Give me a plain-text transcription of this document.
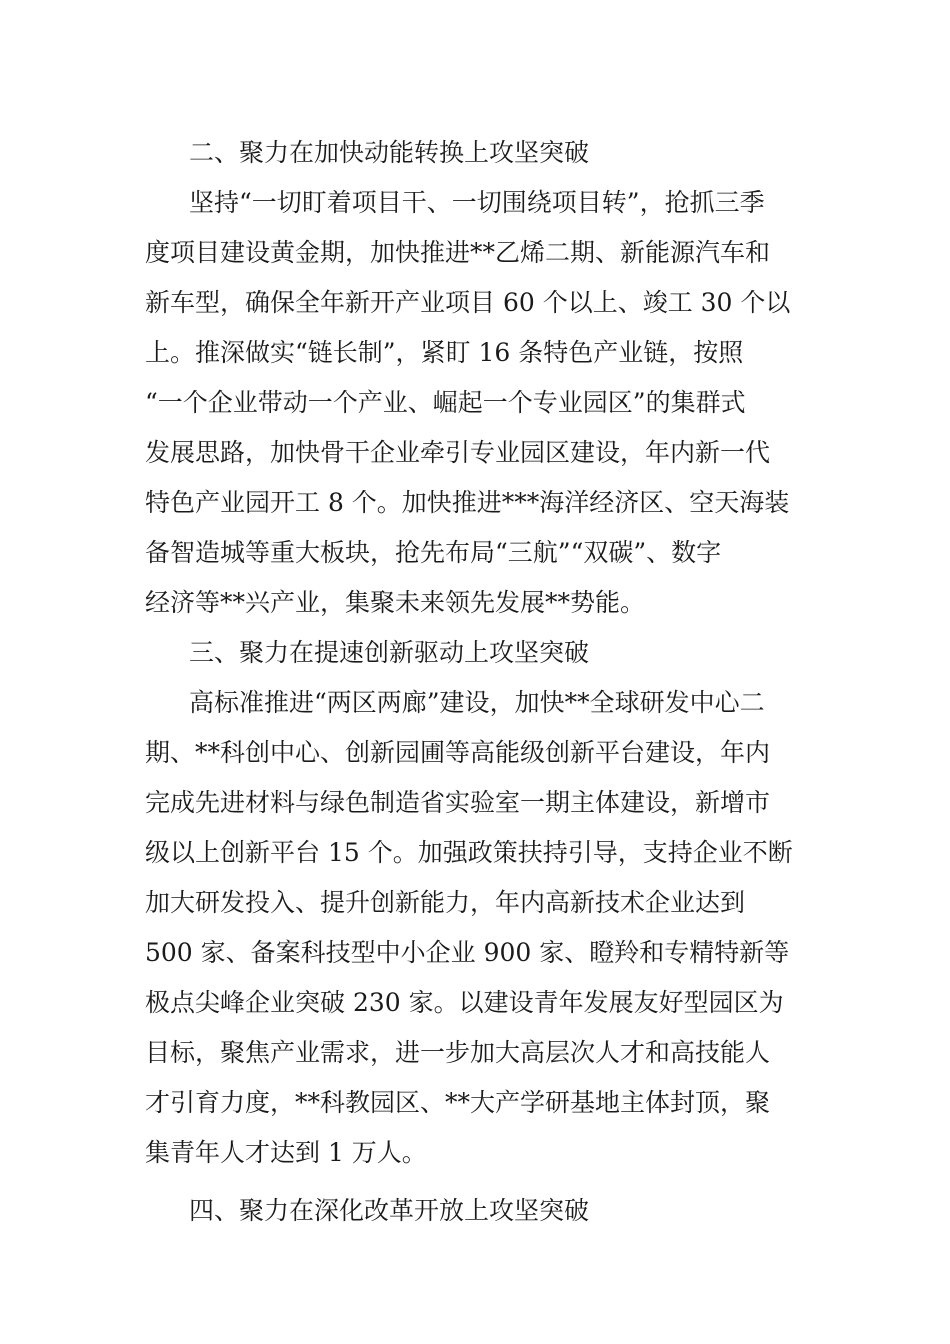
二、聚力在加快动能转换上攻坚突破
坚持“一切盯着项目干、一切围绕项目转”，抢抓三季
度项目建设黄金期，加快推进**乙烯二期、新能源汽车和
新车型，确保全年新开产业项目 60 个以上、竣工 30 个以
上。推深做实“链长制”，紧盯 16 条特色产业链，按照
“一个企业带动一个产业、崛起一个专业园区”的集群式
发展思路，加快骨干企业牵引专业园区建设，年内新一代
特色产业园开工 8 个。加快推进***海洋经济区、空天海装
备智造城等重大板块，抢先布局“三航”“双碳”、数字
经济等**兴产业，集聚未来领先发展**势能。
三、聚力在提速创新驱动上攻坚突破
高标准推进“两区两廊”建设，加快**全球研发中心二
期、**科创中心、创新园圃等高能级创新平台建设，年内
完成先进材料与绿色制造省实验室一期主体建设，新增市
级以上创新平台 15 个。加强政策扶持引导，支持企业不断
加大研发投入、提升创新能力，年内高新技术企业达到
500 家、备案科技型中小企业 900 家、瞪羚和专精特新等
极点尖峰企业突破 230 家。以建设青年发展友好型园区为
目标，聚焦产业需求，进一步加大高层次人才和高技能人
才引育力度，**科教园区、**大产学研基地主体封顶，聚
集青年人才达到 1 万人。
四、聚力在深化改革开放上攻坚突破
